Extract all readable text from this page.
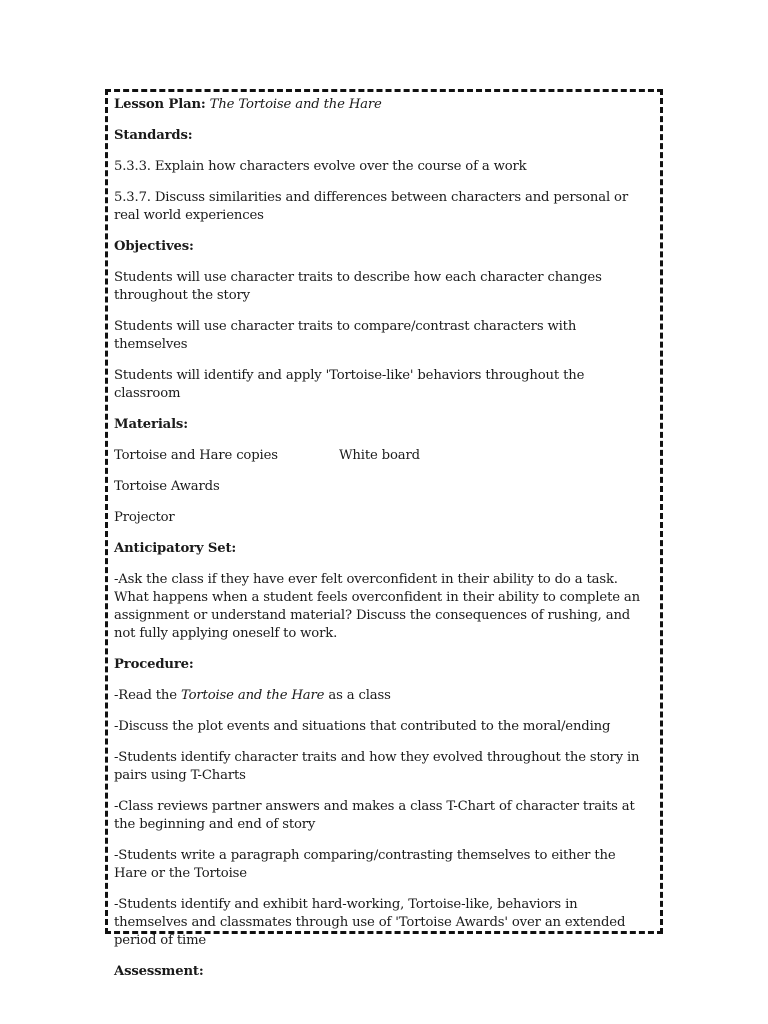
Lesson Plan: The Tortoise and the Hare

Standards:

5.3.3. Explain how characters evolve over the course of a work

5.3.7. Discuss similarities and differences between characters and personal or real world experiences

Objectives:

Students will use character traits to describe how each character changes throughout the story

Students will use character traits to compare/contrast characters with themselves

Students will identify and apply 'Tortoise-like' behaviors throughout the classroom

Materials:

Tortoise and Hare copies	White board

Tortoise Awards

Projector

Anticipatory Set:

-Ask the class if they have ever felt overconfident in their ability to do a task. What happens when a student feels overconfident in their ability to complete an assignment or understand material? Discuss the consequences of rushing, and not fully applying oneself to work.

Procedure:

-Read the Tortoise and the Hare as a class

-Discuss the plot events and situations that contributed to the moral/ending

-Students identify character traits and how they evolved throughout the story in pairs using T-Charts

-Class reviews partner answers and makes a class T-Chart of character traits at the beginning and end of story

-Students write a paragraph comparing/contrasting themselves to either the Hare or the Tortoise

-Students identify and exhibit hard-working, Tortoise-like, behaviors in themselves and classmates through use of 'Tortoise Awards' over an extended period of time

Assessment:
